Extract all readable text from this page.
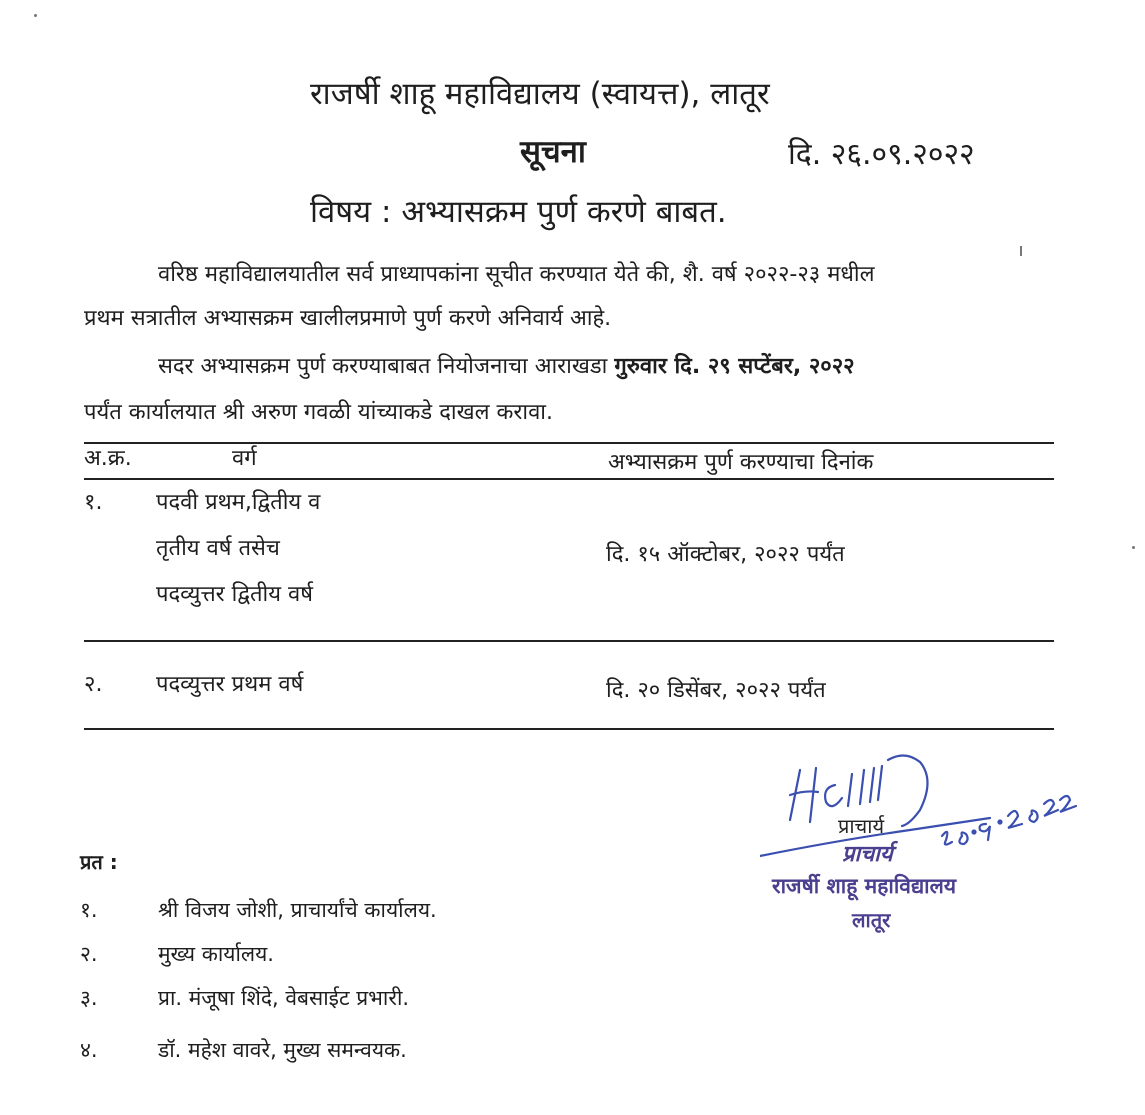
राजर्षी शाहू महाविद्यालय (स्वायत्त), लातूर
सूचना	दि. २६.०९.२०२२
विषय : अभ्यासक्रम पुर्ण करणे बाबत.
वरिष्ठ महाविद्यालयातील सर्व प्राध्यापकांना सूचीत करण्यात येते की, शै. वर्ष २०२२-२३ मधील
प्रथम सत्रातील अभ्यासक्रम खालीलप्रमाणे पुर्ण करणे अनिवार्य आहे.
सदर अभ्यासक्रम पुर्ण करण्याबाबत नियोजनाचा आराखडा गुरुवार दि. २९ सप्टेंबर, २०२२
पर्यंत कार्यालयात श्री अरुण गवळी यांच्याकडे दाखल करावा.
अ.क्र.	वर्ग	अभ्यासक्रम पुर्ण करण्याचा दिनांक
१. पदवी प्रथम,द्वितीय व
तृतीय वर्ष तसेच	दि. १५ ऑक्टोबर, २०२२ पर्यंत
पदव्युत्तर द्वितीय वर्ष
२. पदव्युत्तर प्रथम वर्ष	दि. २० डिसेंबर, २०२२ पर्यंत
प्राचार्य
प्राचार्य
राजर्षी शाहू महाविद्यालय
लातूर
प्रत :
१.	श्री विजय जोशी, प्राचार्यांचे कार्यालय.
२.	मुख्य कार्यालय.
३.	प्रा. मंजूषा शिंदे, वेबसाईट प्रभारी.
४.	डॉ. महेश वावरे, मुख्य समन्वयक.
